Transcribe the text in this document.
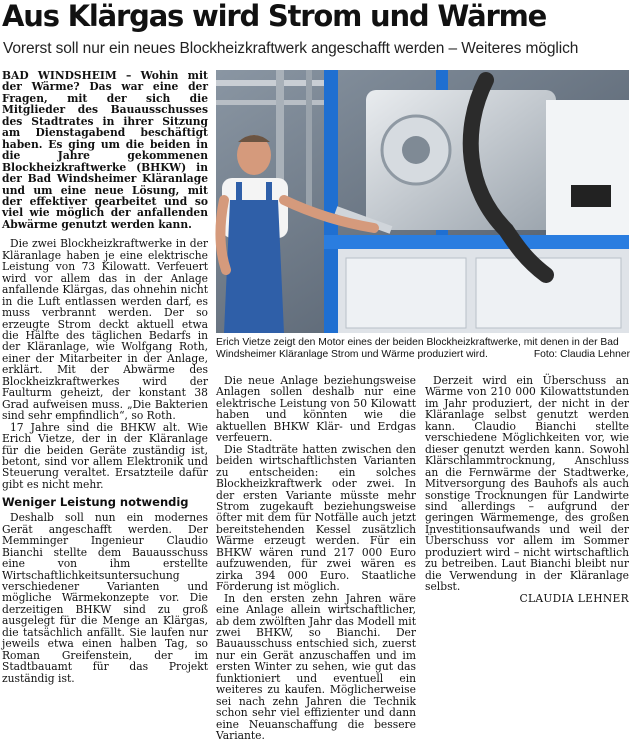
Aus Klärgas wird Strom und Wärme
Vorerst soll nur ein neues Blockheizkraftwerk angeschafft werden – Weiteres möglich

BAD WINDSHEIM – Wohin mit der Wärme? Das war eine der Fragen, mit der sich die Mitglieder des Bauausschusses des Stadtrates in ihrer Sitzung am Dienstagabend beschäftigt haben. Es ging um die beiden in die Jahre gekommenen Blockheizkraftwerke (BHKW) in der Bad Windsheimer Kläranlage und um eine neue Lösung, mit der effektiver gearbeitet und so viel wie möglich der anfallenden Abwärme genutzt werden kann.

Die zwei Blockheizkraftwerke in der Kläranlage haben je eine elektrische Leistung von 73 Kilowatt. Verfeuert wird vor allem das in der Anlage anfallende Klärgas, das ohnehin nicht in die Luft entlassen werden darf, es muss verbrannt werden. Der so erzeugte Strom deckt aktuell etwa die Hälfte des täglichen Bedarfs in der Kläranlage, wie Wolfgang Roth, einer der Mitarbeiter in der Anlage, erklärt. Mit der Abwärme des Blockheizkraftwerkes wird der Faulturm geheizt, der konstant 38 Grad aufweisen muss. „Die Bakterien sind sehr empfindlich“, so Roth.

17 Jahre sind die BHKW alt. Wie Erich Vietze, der in der Kläranlage für die beiden Geräte zuständig ist, betont, sind vor allem Elektronik und Steuerung veraltet. Ersatzteile dafür gibt es nicht mehr.

Weniger Leistung notwendig

Deshalb soll nun ein modernes Gerät angeschafft werden. Der Memminger Ingenieur Claudio Bianchi stellte dem Bauausschuss eine von ihm erstellte Wirtschaftlichkeitsuntersuchung verschiedener Varianten und mögliche Wärmekonzepte vor. Die derzeitigen BHKW sind zu groß ausgelegt für die Menge an Klärgas, die tatsächlich anfällt. Sie laufen nur jeweils etwa einen halben Tag, so Roman Greifenstein, der im Stadtbauamt für das Projekt zuständig ist.

Erich Vietze zeigt den Motor eines der beiden Blockheizkraftwerke, mit denen in der Bad Windsheimer Kläranlage Strom und Wärme produziert wird.	Foto: Claudia Lehner

Die neue Anlage beziehungsweise Anlagen sollen deshalb nur eine elektrische Leistung von 50 Kilowatt haben und könnten wie die aktuellen BHKW Klär- und Erdgas verfeuern.

Die Stadträte hatten zwischen den beiden wirtschaftlichsten Varianten zu entscheiden: ein solches Blockheizkraftwerk oder zwei. In der ersten Variante müsste mehr Strom zugekauft beziehungsweise öfter mit dem für Notfälle auch jetzt bereitstehenden Kessel zusätzlich Wärme erzeugt werden. Für ein BHKW wären rund 217 000 Euro aufzuwenden, für zwei wären es zirka 394 000 Euro. Staatliche Förderung ist möglich.

In den ersten zehn Jahren wäre eine Anlage allein wirtschaftlicher, ab dem zwölften Jahr das Modell mit zwei BHKW, so Bianchi. Der Bauausschuss entschied sich, zuerst nur ein Gerät anzuschaffen und im ersten Winter zu sehen, wie gut das funktioniert und eventuell ein weiteres zu kaufen. Möglicherweise sei nach zehn Jahren die Technik schon sehr viel effizienter und dann eine Neuanschaffung die bessere Variante.

Derzeit wird ein Überschuss an Wärme von 210 000 Kilowattstunden im Jahr produziert, der nicht in der Kläranlage selbst genutzt werden kann. Claudio Bianchi stellte verschiedene Möglichkeiten vor, wie dieser genutzt werden kann. Sowohl Klärschlammtrocknung, Anschluss an die Fernwärme der Stadtwerke, Mitversorgung des Bauhofs als auch sonstige Trocknungen für Landwirte sind allerdings – aufgrund der geringen Wärmemenge, des großen Investitionsaufwands und weil der Überschuss vor allem im Sommer produziert wird – nicht wirtschaftlich zu betreiben. Laut Bianchi bleibt nur die Verwendung in der Kläranlage selbst.

CLAUDIA LEHNER
